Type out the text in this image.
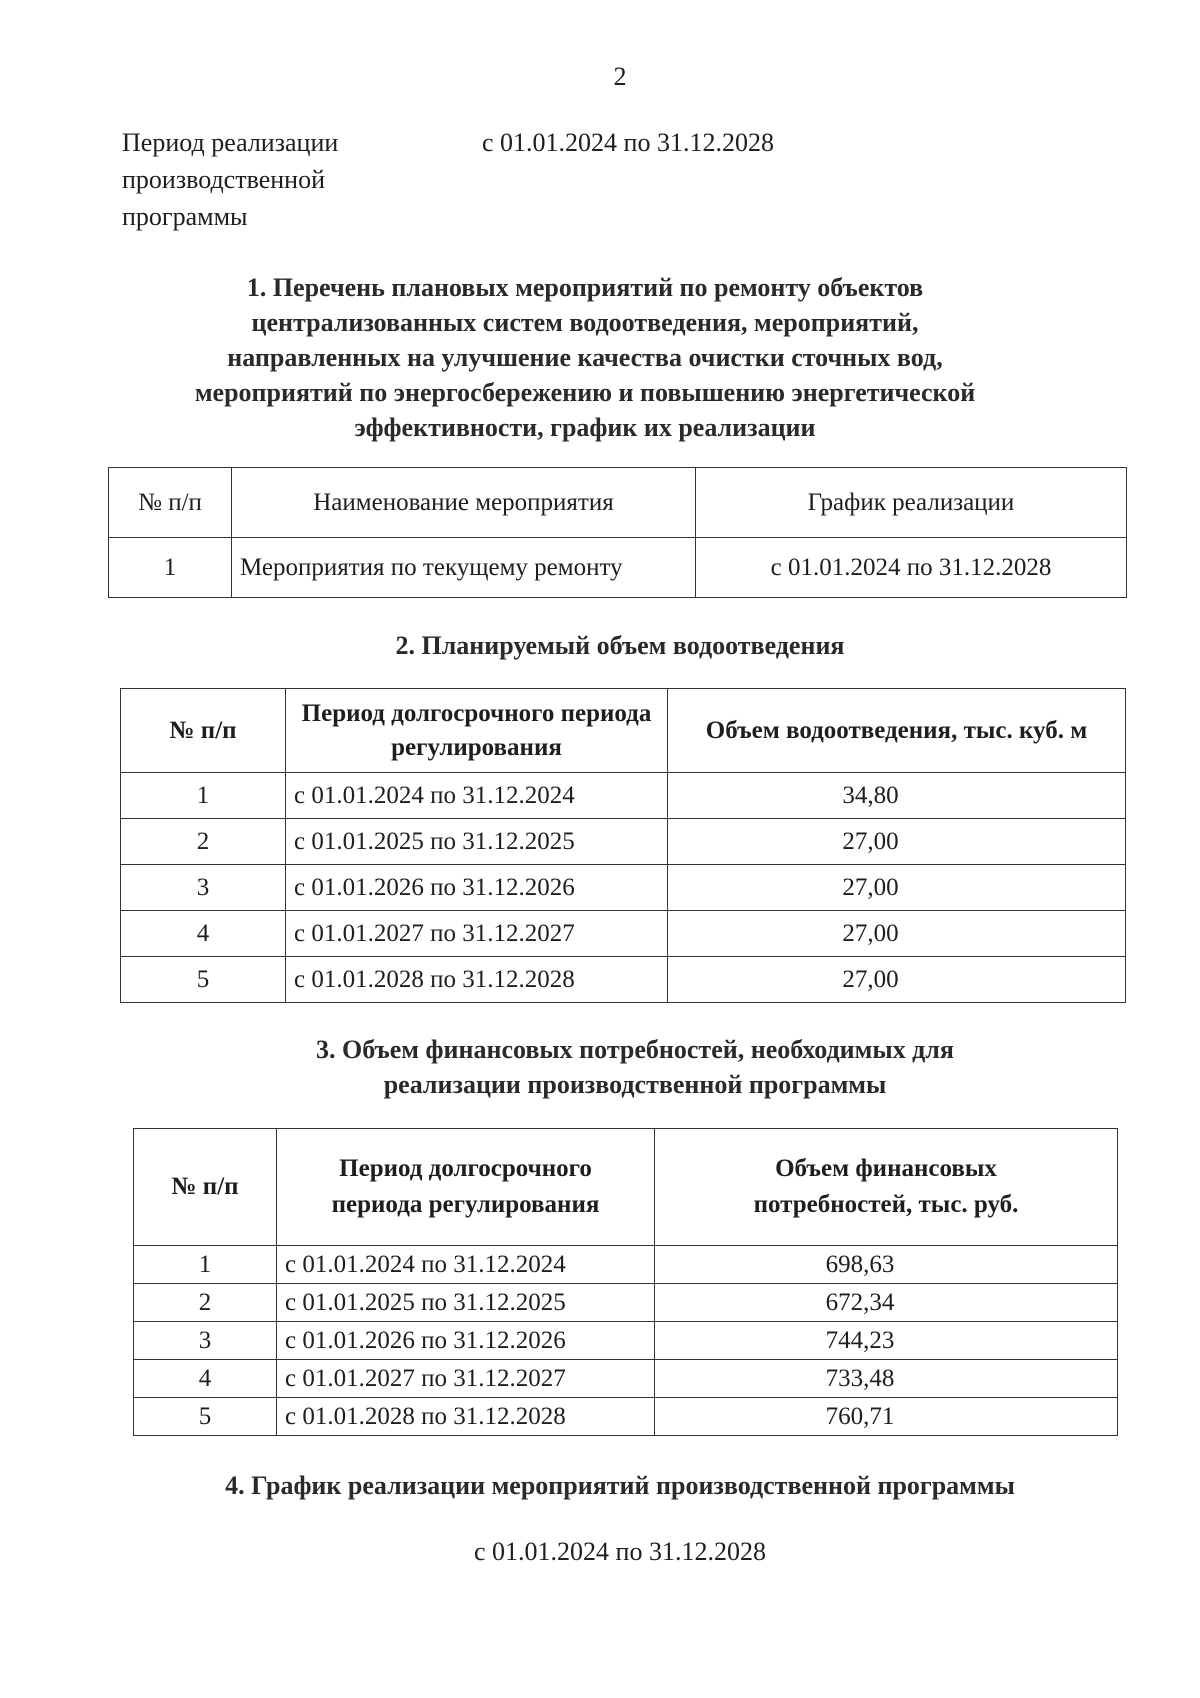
2
Период реализации производственной программы
с 01.01.2024 по 31.12.2028
1. Перечень плановых мероприятий по ремонту объектов централизованных систем водоотведения, мероприятий, направленных на улучшение качества очистки сточных вод, мероприятий по энергосбережению и повышению энергетической эффективности, график их реализации
№ п/п	Наименование мероприятия	График реализации
1	Мероприятия по текущему ремонту	с 01.01.2024 по 31.12.2028
2. Планируемый объем водоотведения
№ п/п	Период долгосрочного периода регулирования	Объем водоотведения, тыс. куб. м
1	с 01.01.2024 по 31.12.2024	34,80
2	с 01.01.2025 по 31.12.2025	27,00
3	с 01.01.2026 по 31.12.2026	27,00
4	с 01.01.2027 по 31.12.2027	27,00
5	с 01.01.2028 по 31.12.2028	27,00
3. Объем финансовых потребностей, необходимых для реализации производственной программы
№ п/п	Период долгосрочного периода регулирования	Объем финансовых потребностей, тыс. руб.
1	с 01.01.2024 по 31.12.2024	698,63
2	с 01.01.2025 по 31.12.2025	672,34
3	с 01.01.2026 по 31.12.2026	744,23
4	с 01.01.2027 по 31.12.2027	733,48
5	с 01.01.2028 по 31.12.2028	760,71
4. График реализации мероприятий производственной программы
с 01.01.2024 по 31.12.2028
